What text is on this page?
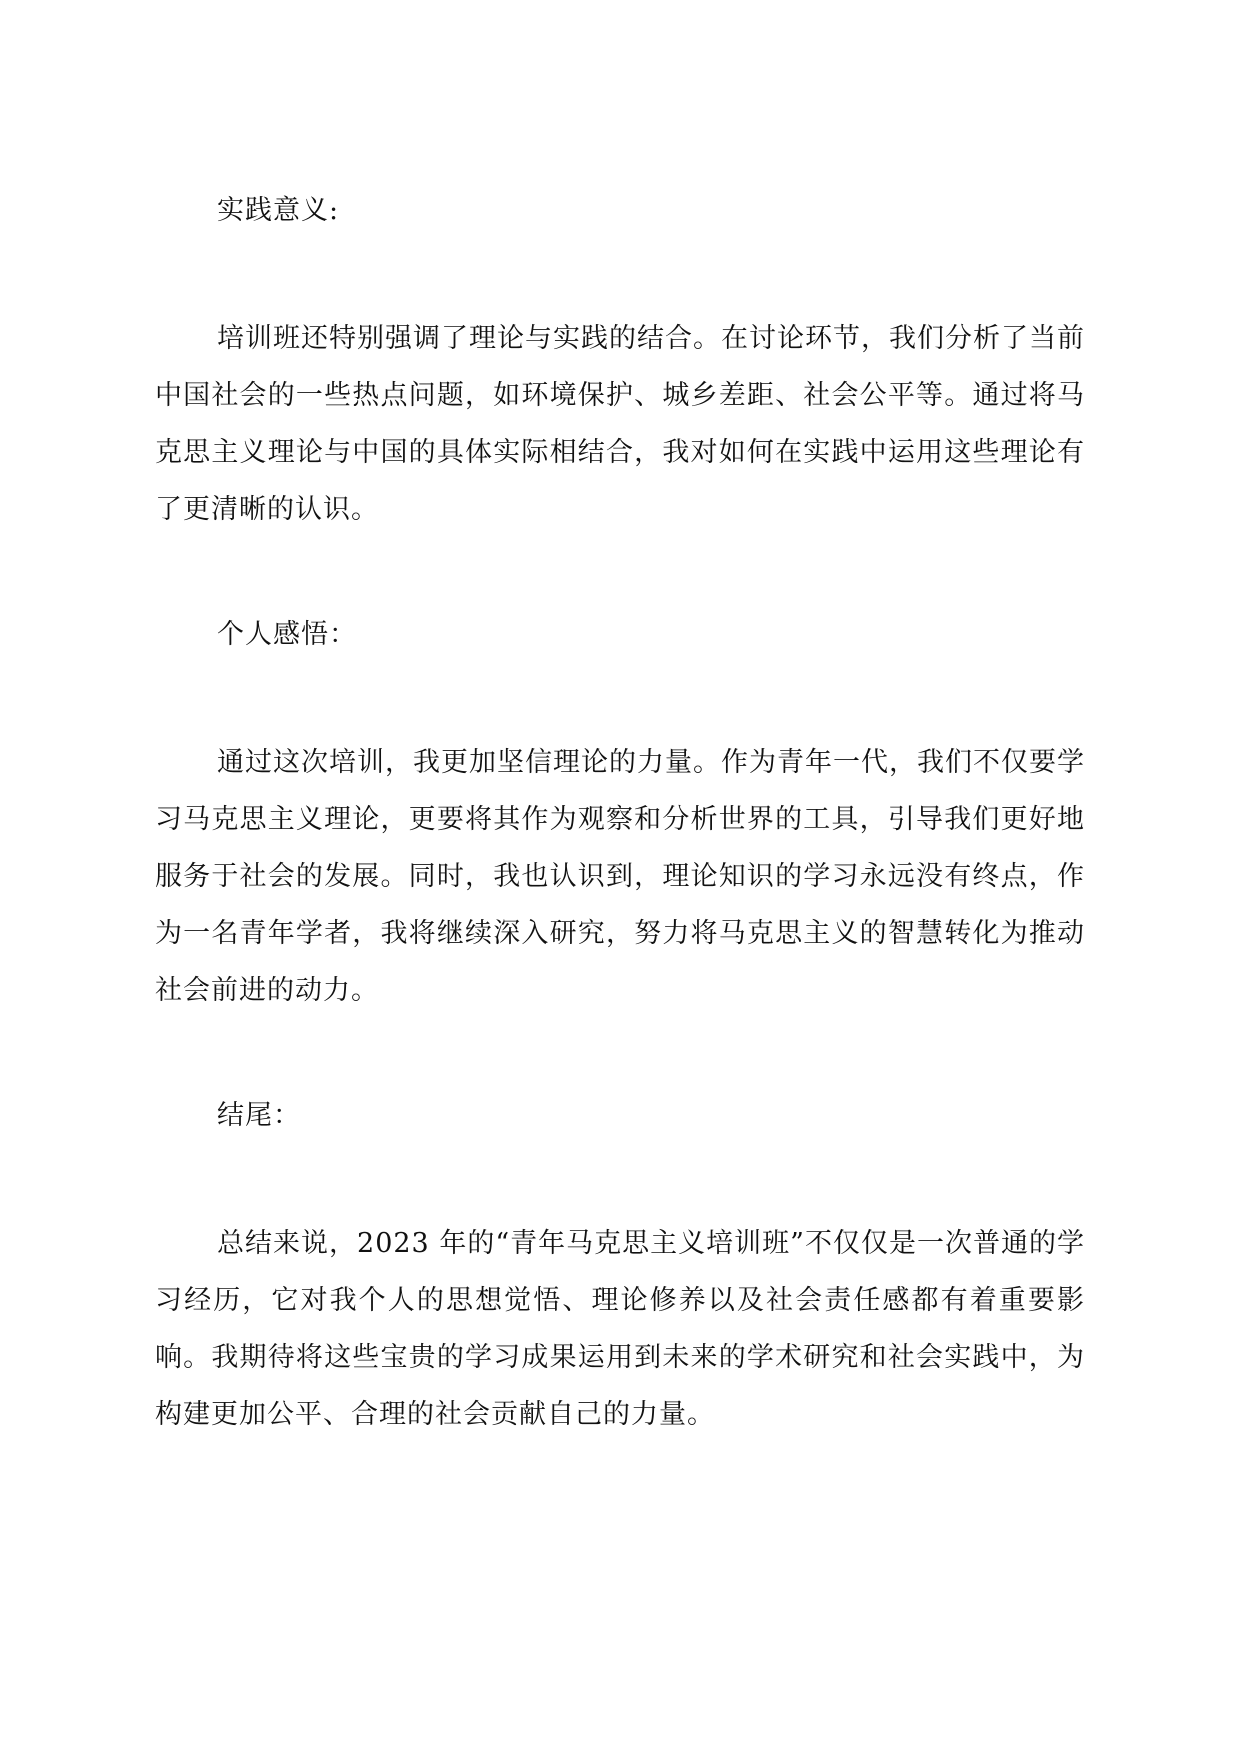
实践意义:

培训班还特别强调了理论与实践的结合。在讨论环节，我们分析了当前中国社会的一些热点问题，如环境保护、城乡差距、社会公平等。通过将马克思主义理论与中国的具体实际相结合，我对如何在实践中运用这些理论有了更清晰的认识。

个人感悟：

通过这次培训，我更加坚信理论的力量。作为青年一代，我们不仅要学习马克思主义理论，更要将其作为观察和分析世界的工具，引导我们更好地服务于社会的发展。同时，我也认识到，理论知识的学习永远没有终点，作为一名青年学者，我将继续深入研究，努力将马克思主义的智慧转化为推动社会前进的动力。

结尾：

总结来说，2023 年的“青年马克思主义培训班”不仅仅是一次普通的学习经历，它对我个人的思想觉悟、理论修养以及社会责任感都有着重要影响。我期待将这些宝贵的学习成果运用到未来的学术研究和社会实践中，为构建更加公平、合理的社会贡献自己的力量。
